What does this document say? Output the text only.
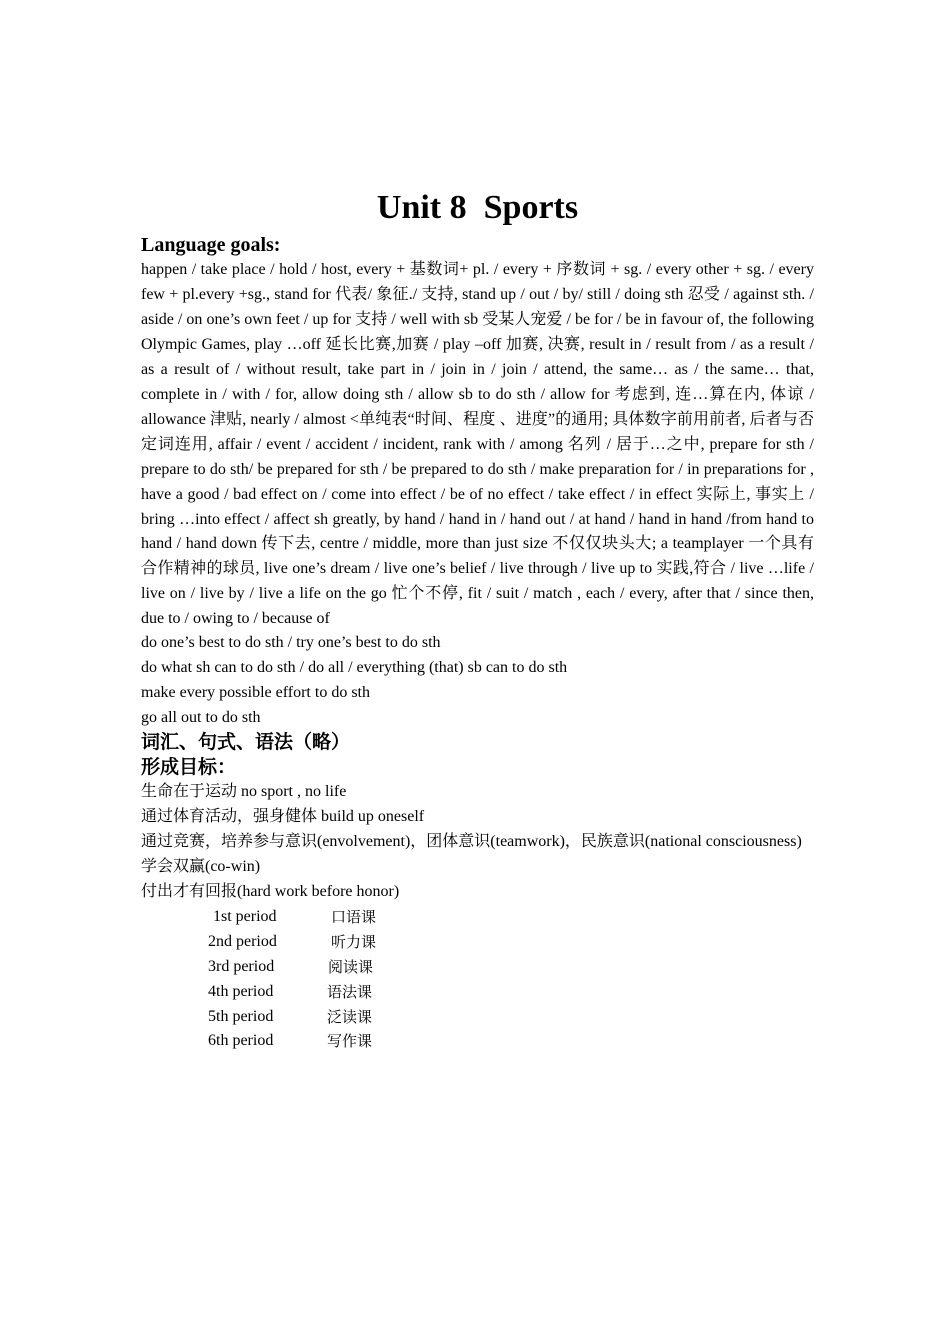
Unit 8  Sports
Language goals:
happen / take place / hold / host, every + 基数词+ pl. / every + 序数词 + sg. / every other + sg. / every few + pl.every +sg., stand for 代表/ 象征./ 支持, stand up / out / by/ still / doing sth 忍受 / against sth. / aside / on one’s own feet / up for 支持 / well with sb 受某人宠爱 / be for / be in favour of, the following Olympic Games, play …off 延长比赛,加赛 / play –off 加赛, 决赛, result in / result from / as a result / as a result of / without result, take part in / join in / join / attend, the same… as / the same… that, complete in / with / for, allow doing sth / allow sb to do sth / allow for 考虑到, 连…算在内, 体谅 / allowance 津贴, nearly / almost <单纯表“时间、程度 、进度”的通用; 具体数字前用前者, 后者与否定词连用, affair / event / accident / incident, rank with / among 名列 / 居于…之中, prepare for sth / prepare to do sth/ be prepared for sth / be prepared to do sth / make preparation for / in preparations for , have a good / bad effect on / come into effect / be of no effect / take effect / in effect 实际上, 事实上 / bring …into effect / affect sh greatly, by hand / hand in / hand out / at hand / hand in hand /from hand to hand / hand down 传下去, centre / middle, more than just size 不仅仅块头大; a teamplayer 一个具有合作精神的球员, live one’s dream / live one’s belief / live through / live up to 实践,符合 / live …life / live on / live by / live a life on the go 忙个不停, fit / suit / match , each / every, after that / since then, due to / owing to / because of
do one’s best to do sth / try one’s best to do sth
do what sh can to do sth / do all / everything (that) sb can to do sth
make every possible effort to do sth
go all out to do sth
词汇、句式、语法（略）
形成目标：
生命在于运动 no sport , no life
通过体育活动，强身健体 build up oneself
通过竞赛，培养参与意识(envolvement)，团体意识(teamwork)，民族意识(national consciousness)
学会双赢(co-win)
付出才有回报(hard work before honor)
1st period	口语课
2nd period	听力课
3rd period	阅读课
4th period	语法课
5th period	泛读课
6th period	写作课
